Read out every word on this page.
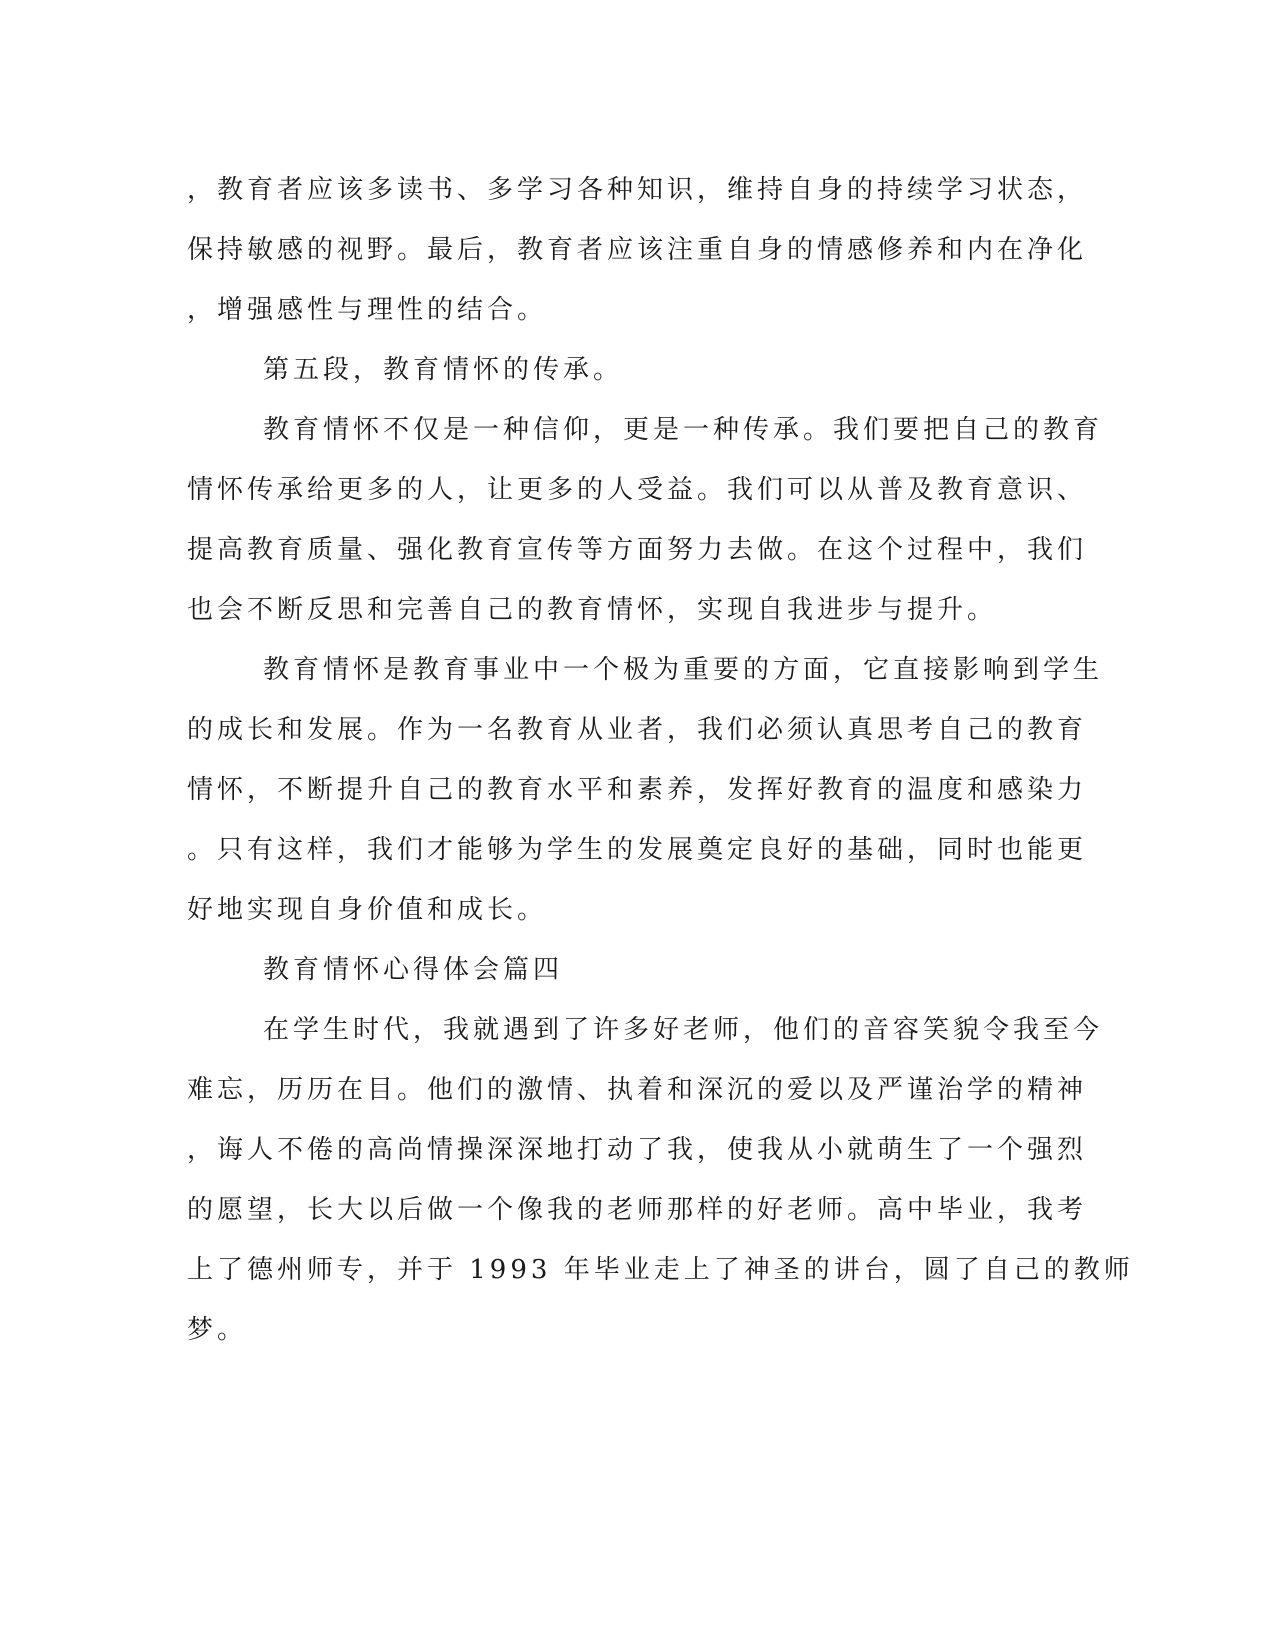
，教育者应该多读书、多学习各种知识，维持自身的持续学习状态，
保持敏感的视野。最后，教育者应该注重自身的情感修养和内在净化
，增强感性与理性的结合。
第五段，教育情怀的传承。
教育情怀不仅是一种信仰，更是一种传承。我们要把自己的教育
情怀传承给更多的人，让更多的人受益。我们可以从普及教育意识、
提高教育质量、强化教育宣传等方面努力去做。在这个过程中，我们
也会不断反思和完善自己的教育情怀，实现自我进步与提升。
教育情怀是教育事业中一个极为重要的方面，它直接影响到学生
的成长和发展。作为一名教育从业者，我们必须认真思考自己的教育
情怀，不断提升自己的教育水平和素养，发挥好教育的温度和感染力
。只有这样，我们才能够为学生的发展奠定良好的基础，同时也能更
好地实现自身价值和成长。
教育情怀心得体会篇四
在学生时代，我就遇到了许多好老师，他们的音容笑貌令我至今
难忘，历历在目。他们的激情、执着和深沉的爱以及严谨治学的精神
，诲人不倦的高尚情操深深地打动了我，使我从小就萌生了一个强烈
的愿望，长大以后做一个像我的老师那样的好老师。高中毕业，我考
上了德州师专，并于 1993 年毕业走上了神圣的讲台，圆了自己的教师
梦。
